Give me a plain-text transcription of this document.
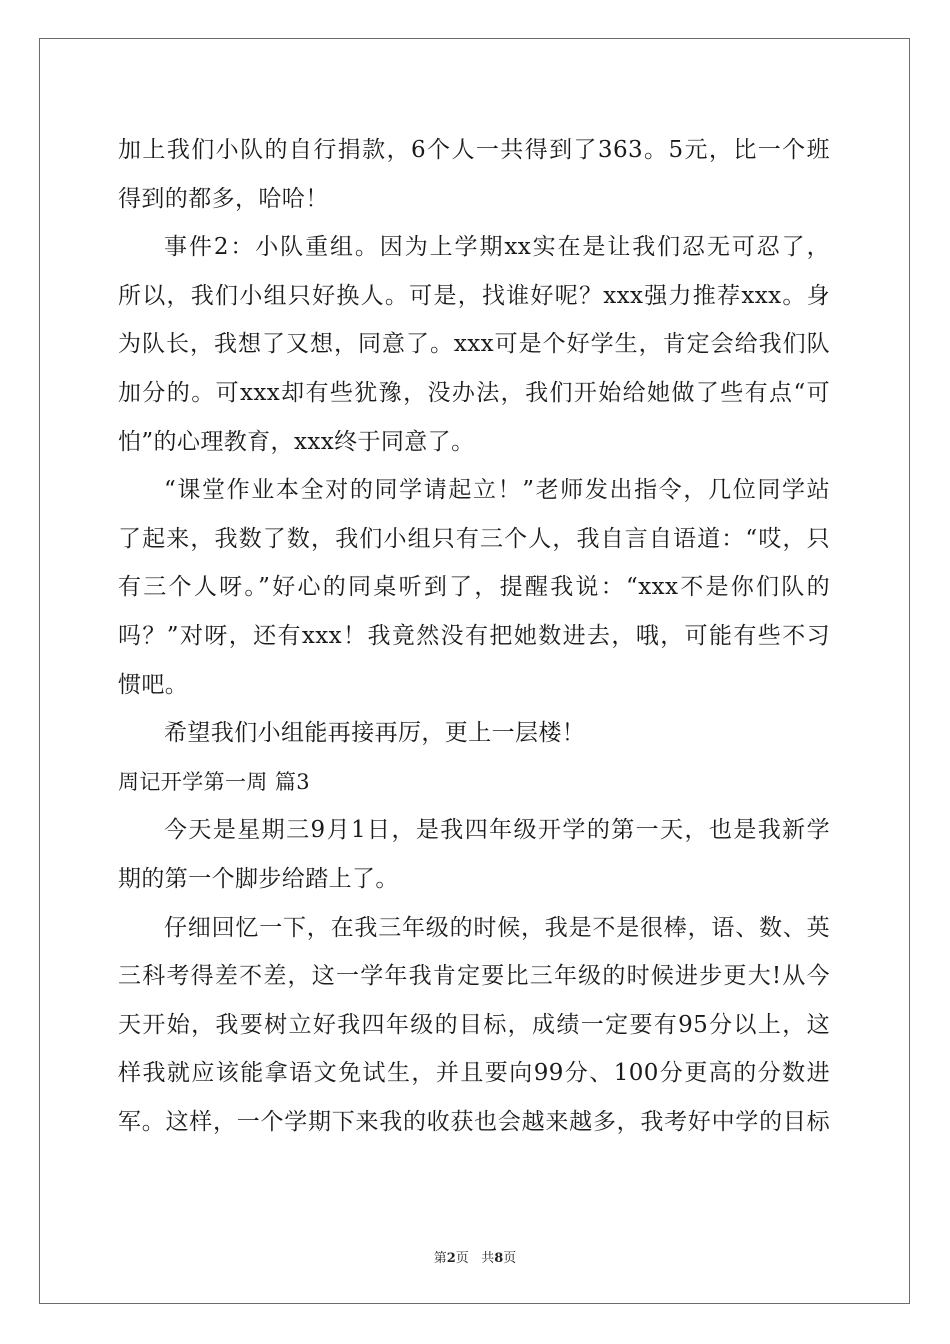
加上我们小队的自行捐款，6个人一共得到了363。5元，比一个班
得到的都多，哈哈！
事件2：小队重组。因为上学期xx实在是让我们忍无可忍了，
所以，我们小组只好换人。可是，找谁好呢？xxx强力推荐xxx。身
为队长，我想了又想，同意了。xxx可是个好学生，肯定会给我们队
加分的。可xxx却有些犹豫，没办法，我们开始给她做了些有点“可
怕”的心理教育，xxx终于同意了。
“课堂作业本全对的同学请起立！”老师发出指令，几位同学站
了起来，我数了数，我们小组只有三个人，我自言自语道：“哎，只
有三个人呀。”好心的同桌听到了，提醒我说：“xxx不是你们队的
吗？”对呀，还有xxx！我竟然没有把她数进去，哦，可能有些不习
惯吧。
希望我们小组能再接再厉，更上一层楼！
周记开学第一周 篇3
今天是星期三9月1日，是我四年级开学的第一天，也是我新学
期的第一个脚步给踏上了。
仔细回忆一下，在我三年级的时候，我是不是很棒，语、数、英
三科考得差不差，这一学年我肯定要比三年级的时候进步更大!从今
天开始，我要树立好我四年级的目标，成绩一定要有95分以上，这
样我就应该能拿语文免试生，并且要向99分、100分更高的分数进
军。这样，一个学期下来我的收获也会越来越多，我考好中学的目标
第2页 共8页
